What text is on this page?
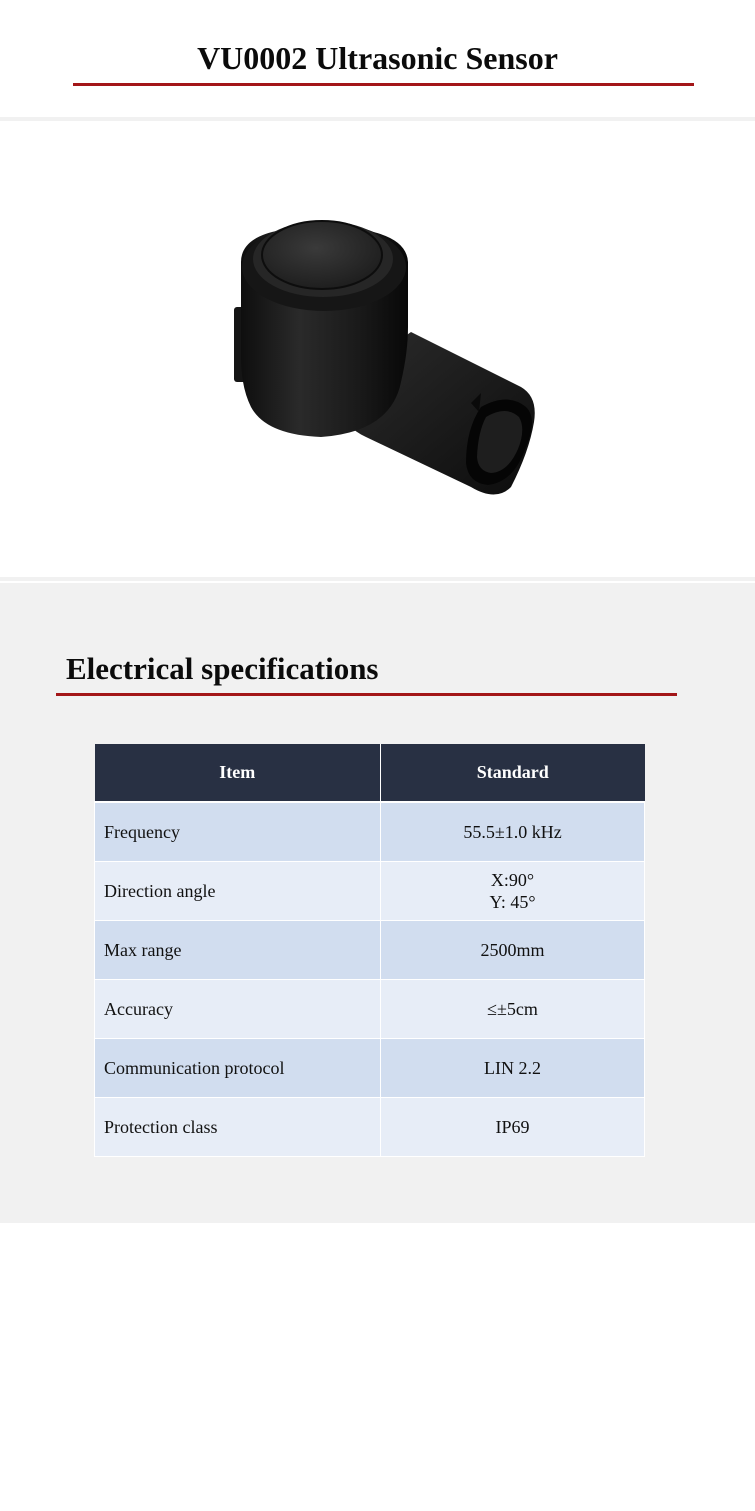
VU0002 Ultrasonic Sensor
Electrical specifications
Item	Standard
Frequency	55.5±1.0 kHz

Direction angle	X:90°
Y: 45°

Max range	2500mm

Accuracy	≤±5cm

Communication protocol	LIN 2.2

Protection class	IP69
